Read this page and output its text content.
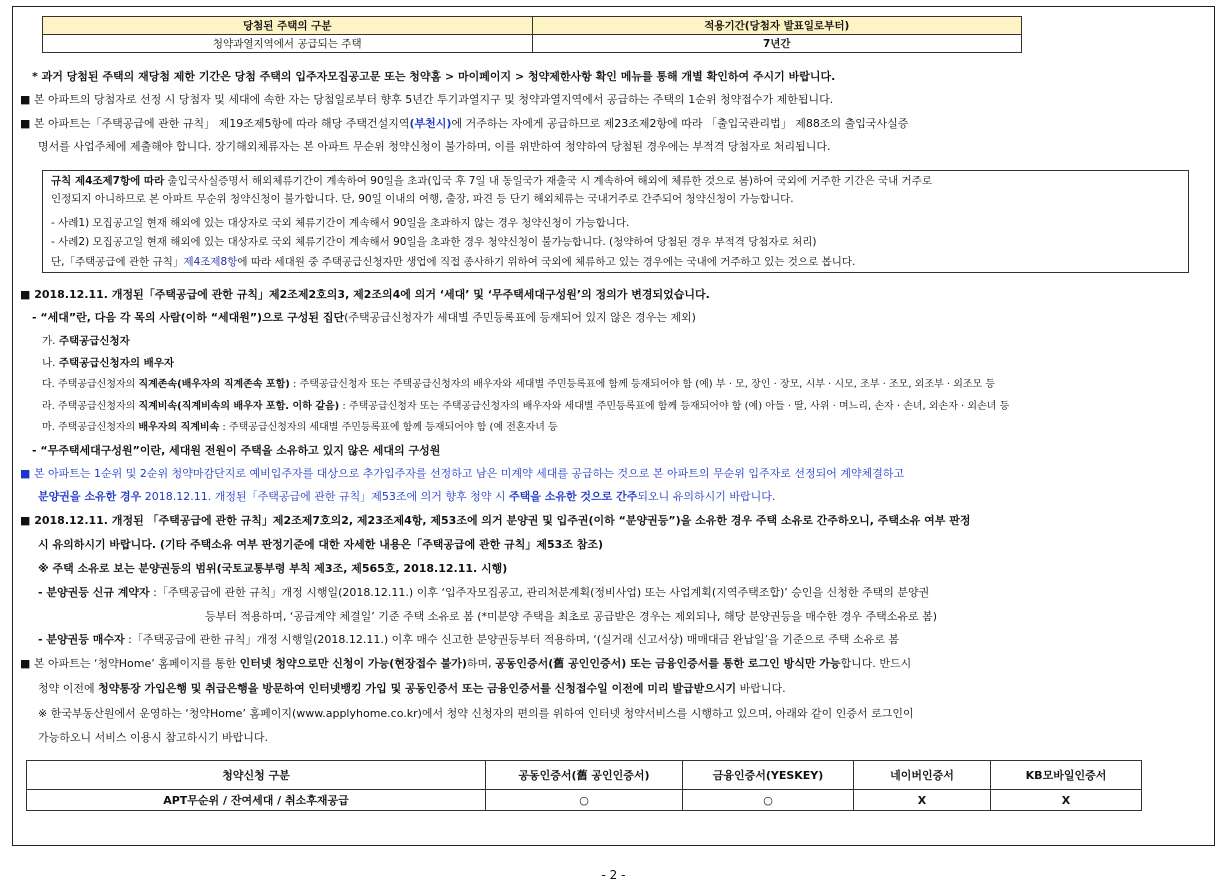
당첨된 주택의 구분	적용기간(당첨자 발표일로부터)
청약과열지역에서 공급되는 주택	7년간
* 과거 당첨된 주택의 재당첨 제한 기간은 당첨 주택의 입주자모집공고문 또는 청약홈 > 마이페이지 > 청약제한사항 확인 메뉴를 통해 개별 확인하여 주시기 바랍니다.
■ 본 아파트의 당첨자로 선정 시 당첨자 및 세대에 속한 자는 당첨일로부터 향후 5년간 투기과열지구 및 청약과열지역에서 공급하는 주택의 1순위 청약접수가 제한됩니다.
■ 본 아파트는「주택공급에 관한 규칙」 제19조제5항에 따라 해당 주택건설지역(부천시)에 거주하는 자에게 공급하므로 제23조제2항에 따라 「출입국관리법」 제88조의 출입국사실증
명서를 사업주체에 제출해야 합니다. 장기해외체류자는 본 아파트 무순위 청약신청이 불가하며, 이를 위반하여 청약하여 당첨된 경우에는 부적격 당첨자로 처리됩니다.
규칙 제4조제7항에 따라 출입국사실증명서 해외체류기간이 계속하여 90일을 초과(입국 후 7일 내 동일국가 재출국 시 계속하여 해외에 체류한 것으로 봄)하여 국외에 거주한 기간은 국내 거주로
인정되지 아니하므로 본 아파트 무순위 청약신청이 불가합니다. 단, 90일 이내의 여행, 출장, 파견 등 단기 해외체류는 국내거주로 간주되어 청약신청이 가능합니다.
- 사례1) 모집공고일 현재 해외에 있는 대상자로 국외 체류기간이 계속해서 90일을 초과하지 않는 경우 청약신청이 가능합니다.
- 사례2) 모집공고일 현재 해외에 있는 대상자로 국외 체류기간이 계속해서 90일을 초과한 경우 청약신청이 불가능합니다. (청약하여 당첨된 경우 부적격 당첨자로 처리)
단,「주택공급에 관한 규칙」제4조제8항에 따라 세대원 중 주택공급신청자만 생업에 직접 종사하기 위하여 국외에 체류하고 있는 경우에는 국내에 거주하고 있는 것으로 봅니다.
■ 2018.12.11. 개정된「주택공급에 관한 규칙」제2조제2호의3, 제2조의4에 의거 ‘세대’ 및 ‘무주택세대구성원’의 정의가 변경되었습니다.
- “세대”란, 다음 각 목의 사람(이하 “세대원”)으로 구성된 집단(주택공급신청자가 세대별 주민등록표에 등재되어 있지 않은 경우는 제외)
가. 주택공급신청자
나. 주택공급신청자의 배우자
다. 주택공급신청자의 직계존속(배우자의 직계존속 포함) : 주택공급신청자 또는 주택공급신청자의 배우자와 세대별 주민등록표에 함께 등재되어야 함 (예) 부 · 모, 장인 · 장모, 시부 · 시모, 조부 · 조모, 외조부 · 외조모 등
라. 주택공급신청자의 직계비속(직계비속의 배우자 포함. 이하 같음) : 주택공급신청자 또는 주택공급신청자의 배우자와 세대별 주민등록표에 함께 등재되어야 함 (예) 아들 · 딸, 사위 · 며느리, 손자 · 손녀, 외손자 · 외손녀 등
마. 주택공급신청자의 배우자의 직계비속 : 주택공급신청자의 세대별 주민등록표에 함께 등재되어야 함 (예 전혼자녀 등
- “무주택세대구성원”이란, 세대원 전원이 주택을 소유하고 있지 않은 세대의 구성원
■ 본 아파트는 1순위 및 2순위 청약마감단지로 예비입주자를 대상으로 추가입주자를 선정하고 남은 미계약 세대를 공급하는 것으로 본 아파트의 무순위 입주자로 선정되어 계약체결하고
분양권을 소유한 경우 2018.12.11. 개정된「주택공급에 관한 규칙」제53조에 의거 향후 청약 시 주택을 소유한 것으로 간주되오니 유의하시기 바랍니다.
■ 2018.12.11. 개정된 「주택공급에 관한 규칙」제2조제7호의2, 제23조제4항, 제53조에 의거 분양권 및 입주권(이하 “분양권등”)을 소유한 경우 주택 소유로 간주하오니, 주택소유 여부 판정
시 유의하시기 바랍니다. (기타 주택소유 여부 판정기준에 대한 자세한 내용은「주택공급에 관한 규칙」제53조 참조)
※ 주택 소유로 보는 분양권등의 범위(국토교통부령 부칙 제3조, 제565호, 2018.12.11. 시행)
- 분양권등 신규 계약자 :「주택공급에 관한 규칙」개정 시행일(2018.12.11.) 이후 ‘입주자모집공고, 관리처분계획(정비사업) 또는 사업계획(지역주택조합)’ 승인을 신청한 주택의 분양권
등부터 적용하며, ‘공급계약 체결일’ 기준 주택 소유로 봄 (*미분양 주택을 최초로 공급받은 경우는 제외되나, 해당 분양권등을 매수한 경우 주택소유로 봄)
- 분양권등 매수자 :「주택공급에 관한 규칙」개정 시행일(2018.12.11.) 이후 매수 신고한 분양권등부터 적용하며, ‘(실거래 신고서상) 매매대금 완납일’을 기준으로 주택 소유로 봄
■ 본 아파트는 ‘청약Home’ 홈페이지를 통한 인터넷 청약으로만 신청이 가능(현장접수 불가)하며, 공동인증서(舊 공인인증서) 또는 금융인증서를 통한 로그인 방식만 가능합니다. 반드시
청약 이전에 청약통장 가입은행 및 취급은행을 방문하여 인터넷뱅킹 가입 및 공동인증서 또는 금융인증서를 신청접수일 이전에 미리 발급받으시기 바랍니다.
※ 한국부동산원에서 운영하는 ‘청약Home’ 홈페이지(www.applyhome.co.kr)에서 청약 신청자의 편의를 위하여 인터넷 청약서비스를 시행하고 있으며, 아래와 같이 인증서 로그인이
가능하오니 서비스 이용시 참고하시기 바랍니다.
청약신청 구분	공동인증서(舊 공인인증서)	금융인증서(YESKEY)	네이버인증서	KB모바일인증서
APT무순위 / 잔여세대 / 취소후재공급	○	○	X	X
- 2 -
